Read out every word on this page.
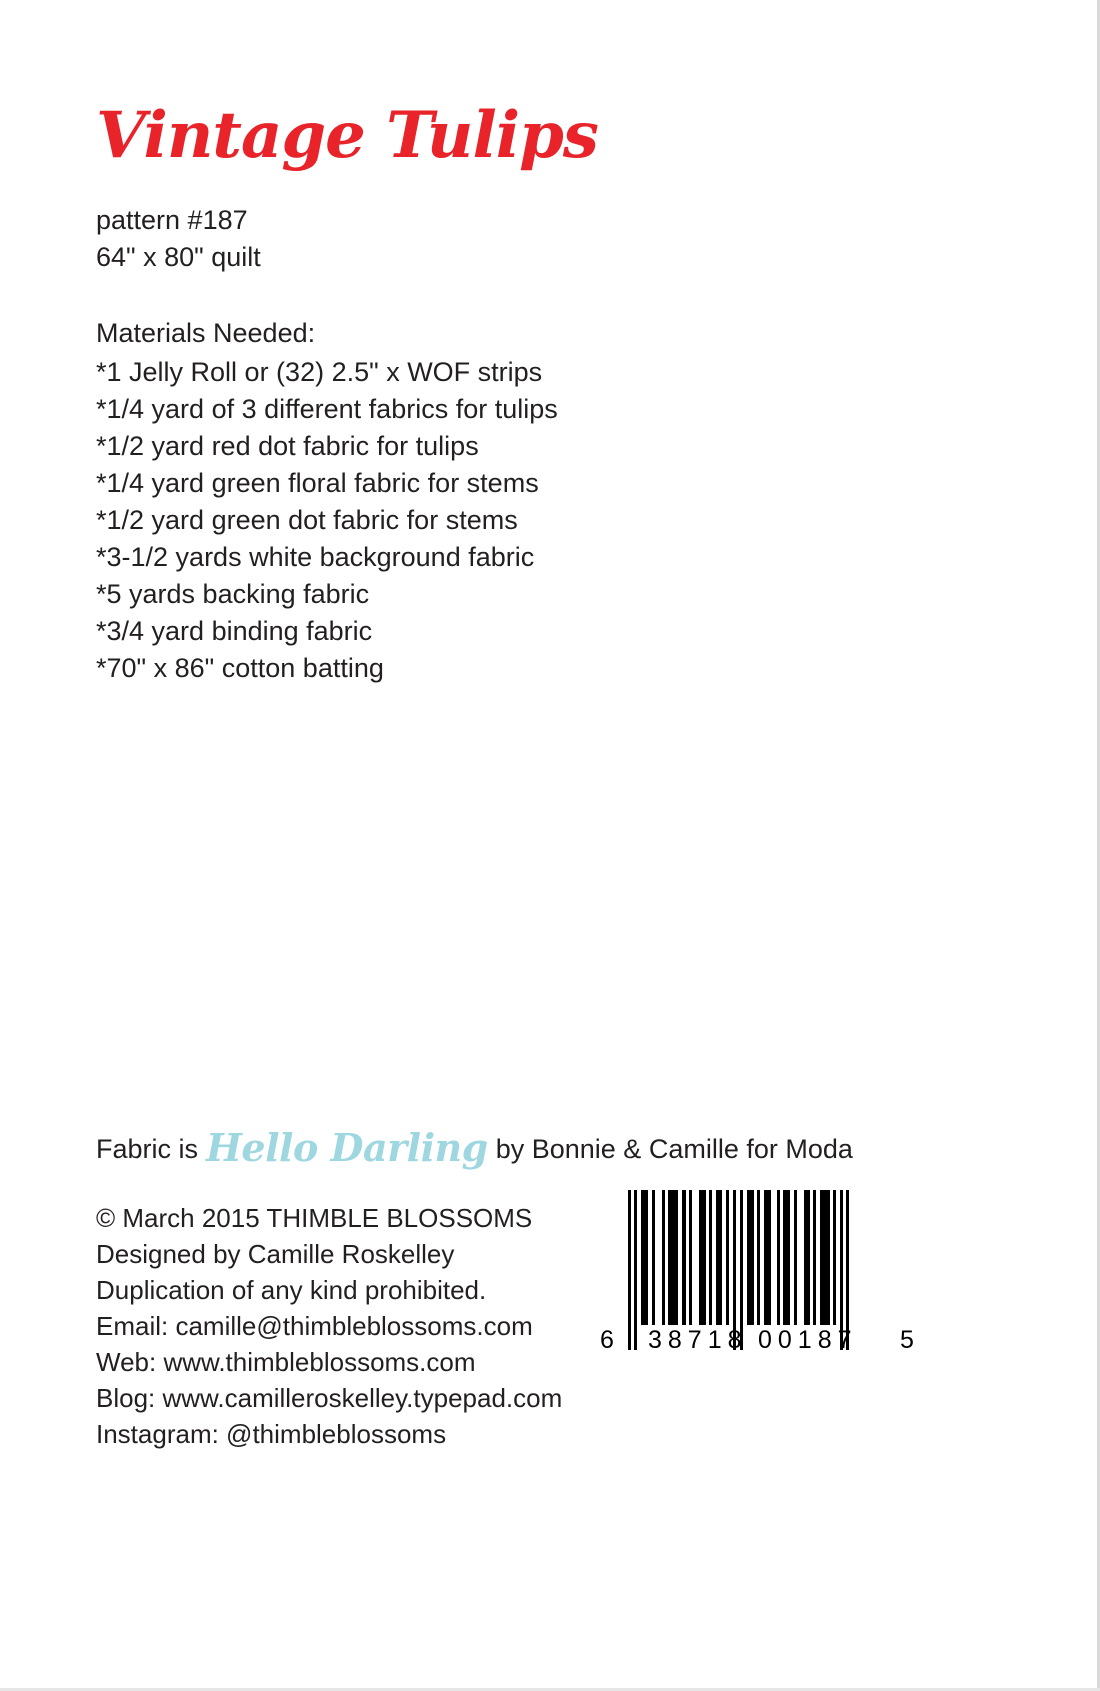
Vintage Tulips
pattern #187
64" x 80" quilt
Materials Needed:
*1 Jelly Roll or (32) 2.5" x WOF strips
*1/4 yard of 3 different fabrics for tulips
*1/2 yard red dot fabric for tulips
*1/4 yard green floral fabric for stems
*1/2 yard green dot fabric for stems
*3-1/2 yards white background fabric
*5 yards backing fabric
*3/4 yard binding fabric
*70" x 86" cotton batting
Fabric is Hello Darling by Bonnie & Camille for Moda
© March 2015 THIMBLE BLOSSOMS
Designed by Camille Roskelley
Duplication of any kind prohibited.
Email: camille@thimbleblossoms.com
Web: www.thimbleblossoms.com
Blog: www.camilleroskelley.typepad.com
Instagram: @thimbleblossoms
6 38718 00187 5
